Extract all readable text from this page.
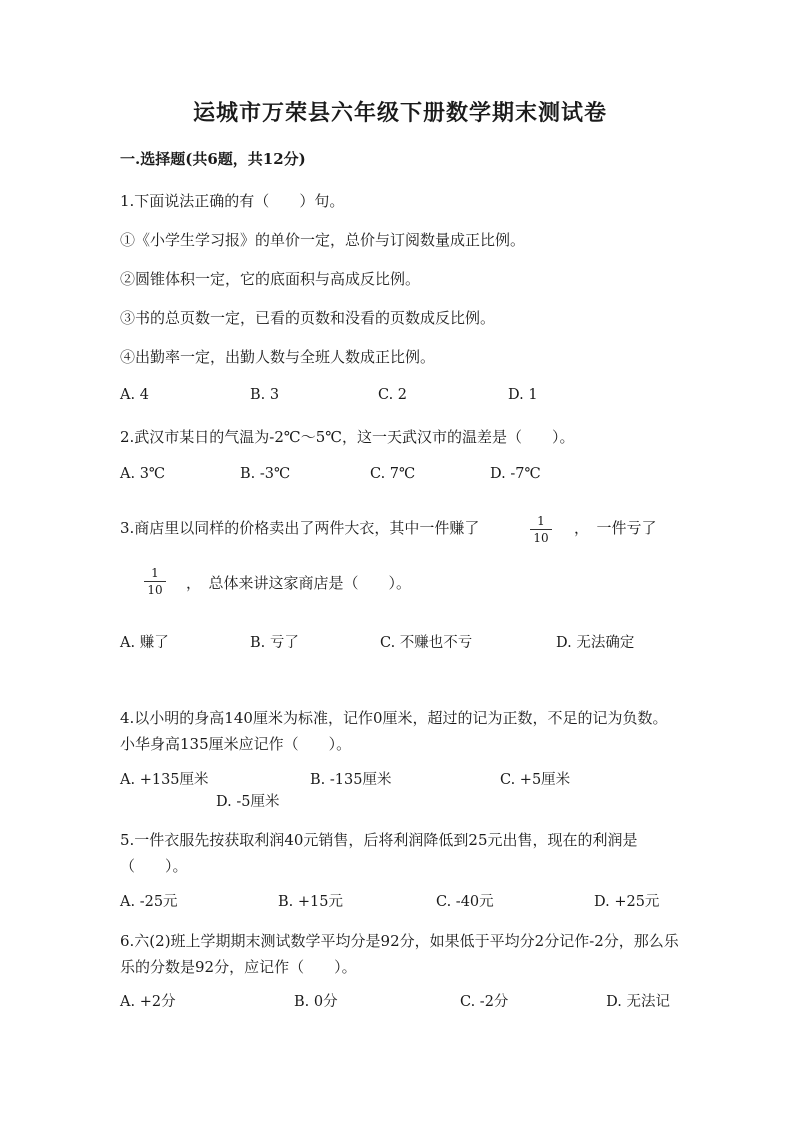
运城市万荣县六年级下册数学期末测试卷
一.选择题(共6题，共12分)
1.下面说法正确的有（　　）句。
①《小学生学习报》的单价一定，总价与订阅数量成正比例。
②圆锥体积一定，它的底面积与高成反比例。
③书的总页数一定，已看的页数和没看的页数成反比例。
④出勤率一定，出勤人数与全班人数成正比例。
A. 4	B. 3	C. 2	D. 1
2.武汉市某日的气温为-2℃～5℃，这一天武汉市的温差是（　　）。
A. 3℃	B. -3℃	C. 7℃	D. -7℃
3.商店里以同样的价格卖出了两件大衣，其中一件赚了	1
10
，　一件亏了
1
10 ，　总体来讲这家商店是（　　）。
A. 赚了	B. 亏了	C. 不赚也不亏	D. 无法确定
4.以小明的身高140厘米为标准，记作0厘米，超过的记为正数，不足的记为负数。小华身高135厘米应记作（　　）。
A. +135厘米	B. -135厘米	C. +5厘米
D. -5厘米
5.一件衣服先按获取利润40元销售，后将利润降低到25元出售，现在的利润是（　　）。
A. -25元	B. +15元	C. -40元	D. +25元
6.六(2)班上学期期末测试数学平均分是92分，如果低于平均分2分记作-2分，那么乐乐的分数是92分，应记作（　　）。
A. +2分	B. 0分	C. -2分	D. 无法记
